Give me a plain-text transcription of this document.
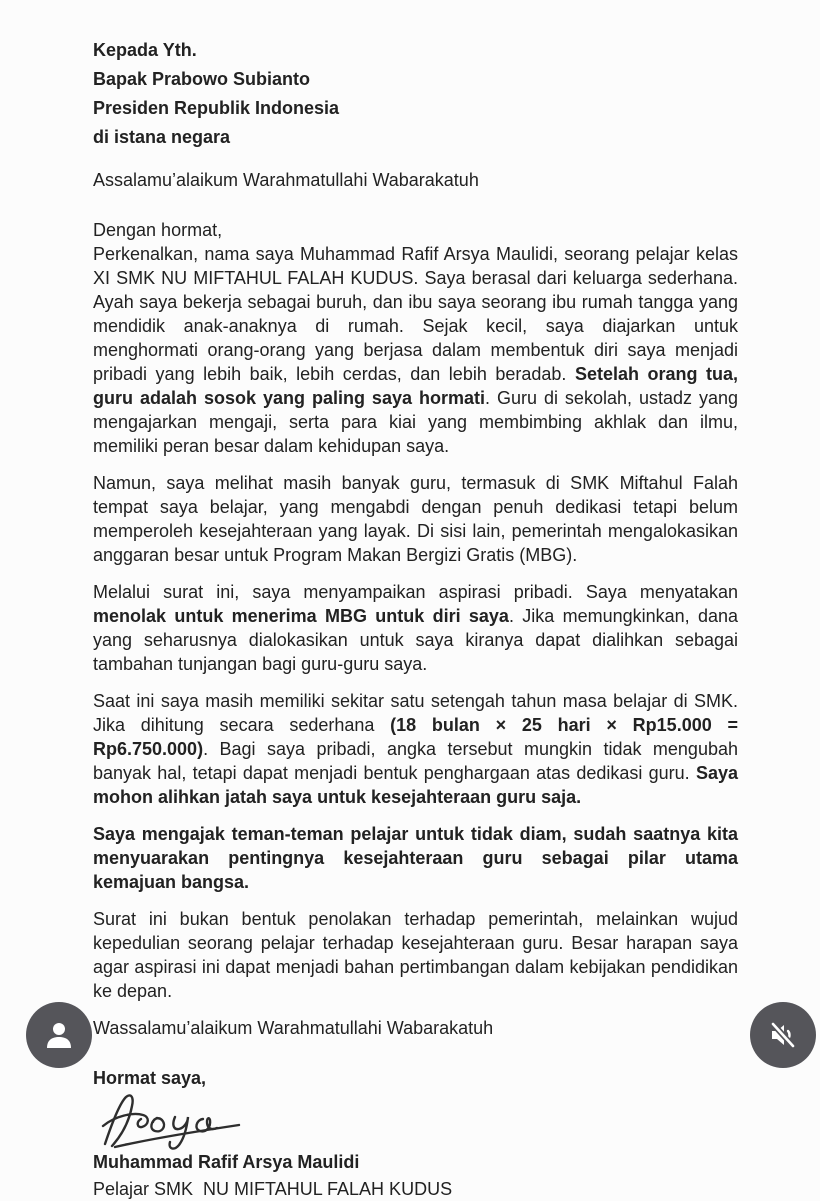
Kepada Yth.
Bapak Prabowo Subianto
Presiden Republik Indonesia
di istana negara

Assalamu’alaikum Warahmatullahi Wabarakatuh

Dengan hormat,

Perkenalkan, nama saya Muhammad Rafif Arsya Maulidi, seorang pelajar kelas XI SMK NU MIFTAHUL FALAH KUDUS. Saya berasal dari keluarga sederhana. Ayah saya bekerja sebagai buruh, dan ibu saya seorang ibu rumah tangga yang mendidik anak-anaknya di rumah. Sejak kecil, saya diajarkan untuk menghormati orang-orang yang berjasa dalam membentuk diri saya menjadi pribadi yang lebih baik, lebih cerdas, dan lebih beradab. Setelah orang tua, guru adalah sosok yang paling saya hormati. Guru di sekolah, ustadz yang mengajarkan mengaji, serta para kiai yang membimbing akhlak dan ilmu, memiliki peran besar dalam kehidupan saya.

Namun, saya melihat masih banyak guru, termasuk di SMK Miftahul Falah tempat saya belajar, yang mengabdi dengan penuh dedikasi tetapi belum memperoleh kesejahteraan yang layak. Di sisi lain, pemerintah mengalokasikan anggaran besar untuk Program Makan Bergizi Gratis (MBG).

Melalui surat ini, saya menyampaikan aspirasi pribadi. Saya menyatakan menolak untuk menerima MBG untuk diri saya. Jika memungkinkan, dana yang seharusnya dialokasikan untuk saya kiranya dapat dialihkan sebagai tambahan tunjangan bagi guru-guru saya.

Saat ini saya masih memiliki sekitar satu setengah tahun masa belajar di SMK. Jika dihitung secara sederhana (18 bulan × 25 hari × Rp15.000 = Rp6.750.000). Bagi saya pribadi, angka tersebut mungkin tidak mengubah banyak hal, tetapi dapat menjadi bentuk penghargaan atas dedikasi guru. Saya mohon alihkan jatah saya untuk kesejahteraan guru saja.

Saya mengajak teman-teman pelajar untuk tidak diam, sudah saatnya kita menyuarakan pentingnya kesejahteraan guru sebagai pilar utama kemajuan bangsa.

Surat ini bukan bentuk penolakan terhadap pemerintah, melainkan wujud kepedulian seorang pelajar terhadap kesejahteraan guru. Besar harapan saya agar aspirasi ini dapat menjadi bahan pertimbangan dalam kebijakan pendidikan ke depan.

Wassalamu’alaikum Warahmatullahi Wabarakatuh

Hormat saya,

Muhammad Rafif Arsya Maulidi

Pelajar SMK  NU MIFTAHUL FALAH KUDUS
